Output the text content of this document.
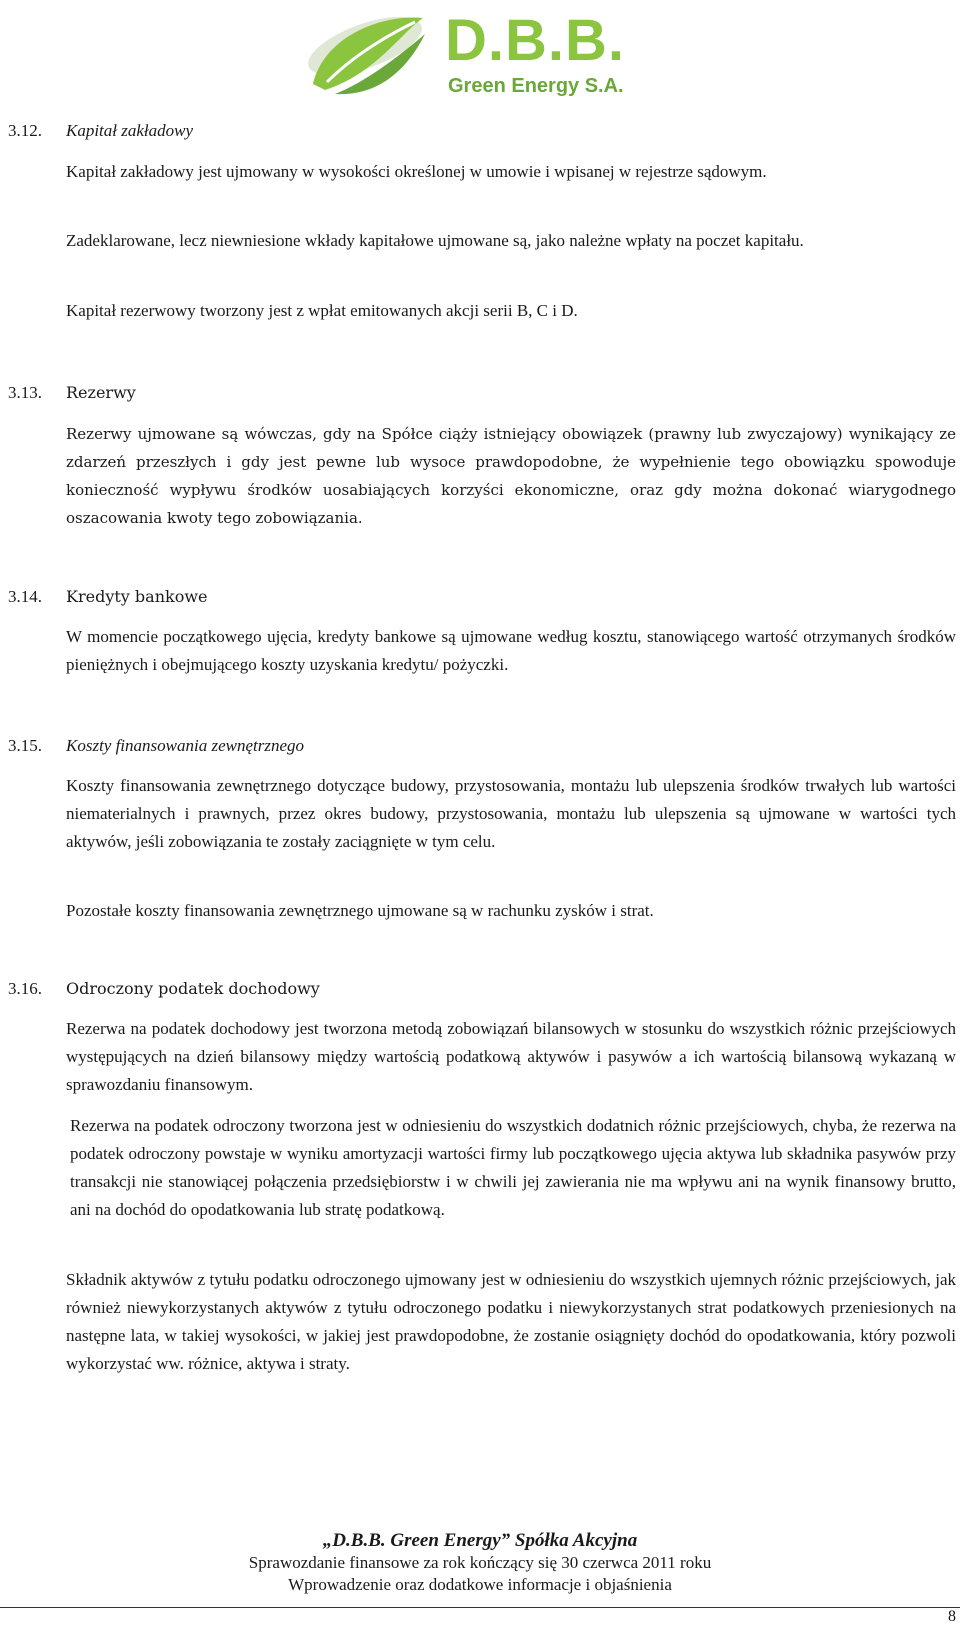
D.B.B.
Green Energy S.A.
3.12. Kapitał zakładowy

Kapitał zakładowy jest ujmowany w wysokości określonej w umowie i wpisanej w rejestrze sądowym.

Zadeklarowane, lecz niewniesione wkłady kapitałowe ujmowane są, jako należne wpłaty na poczet kapitału.

Kapitał rezerwowy tworzony jest z wpłat emitowanych akcji serii B, C i D.

3.13. Rezerwy

Rezerwy ujmowane są wówczas, gdy na Spółce ciąży istniejący obowiązek (prawny lub zwyczajowy) wynikający ze zdarzeń przeszłych i gdy jest pewne lub wysoce prawdopodobne, że wypełnienie tego obowiązku spowoduje konieczność wypływu środków uosabiających korzyści ekonomiczne, oraz gdy można dokonać wiarygodnego oszacowania kwoty tego zobowiązania.

3.14. Kredyty bankowe

W momencie początkowego ujęcia, kredyty bankowe są ujmowane według kosztu, stanowiącego wartość otrzymanych środków pieniężnych i obejmującego koszty uzyskania kredytu/ pożyczki.

3.15. Koszty finansowania zewnętrznego

Koszty finansowania zewnętrznego dotyczące budowy, przystosowania, montażu lub ulepszenia środków trwałych lub wartości niematerialnych i prawnych, przez okres budowy, przystosowania, montażu lub ulepszenia są ujmowane w wartości tych aktywów, jeśli zobowiązania te zostały zaciągnięte w tym celu.

Pozostałe koszty finansowania zewnętrznego ujmowane są w rachunku zysków i strat.

3.16. Odroczony podatek dochodowy

Rezerwa na podatek dochodowy jest tworzona metodą zobowiązań bilansowych w stosunku do wszystkich różnic przejściowych występujących na dzień bilansowy między wartością podatkową aktywów i pasywów a ich wartością bilansową wykazaną w sprawozdaniu finansowym.

Rezerwa na podatek odroczony tworzona jest w odniesieniu do wszystkich dodatnich różnic przejściowych, chyba, że rezerwa na podatek odroczony powstaje w wyniku amortyzacji wartości firmy lub początkowego ujęcia aktywa lub składnika pasywów przy transakcji nie stanowiącej połączenia przedsiębiorstw i w chwili jej zawierania nie ma wpływu ani na wynik finansowy brutto, ani na dochód do opodatkowania lub stratę podatkową.

Składnik aktywów z tytułu podatku odroczonego ujmowany jest w odniesieniu do wszystkich ujemnych różnic przejściowych, jak również niewykorzystanych aktywów z tytułu odroczonego podatku i niewykorzystanych strat podatkowych przeniesionych na następne lata, w takiej wysokości, w jakiej jest prawdopodobne, że zostanie osiągnięty dochód do opodatkowania, który pozwoli wykorzystać ww. różnice, aktywa i straty.

„D.B.B. Green Energy” Spółka Akcyjna
Sprawozdanie finansowe za rok kończący się 30 czerwca 2011 roku
Wprowadzenie oraz dodatkowe informacje i objaśnienia
8
